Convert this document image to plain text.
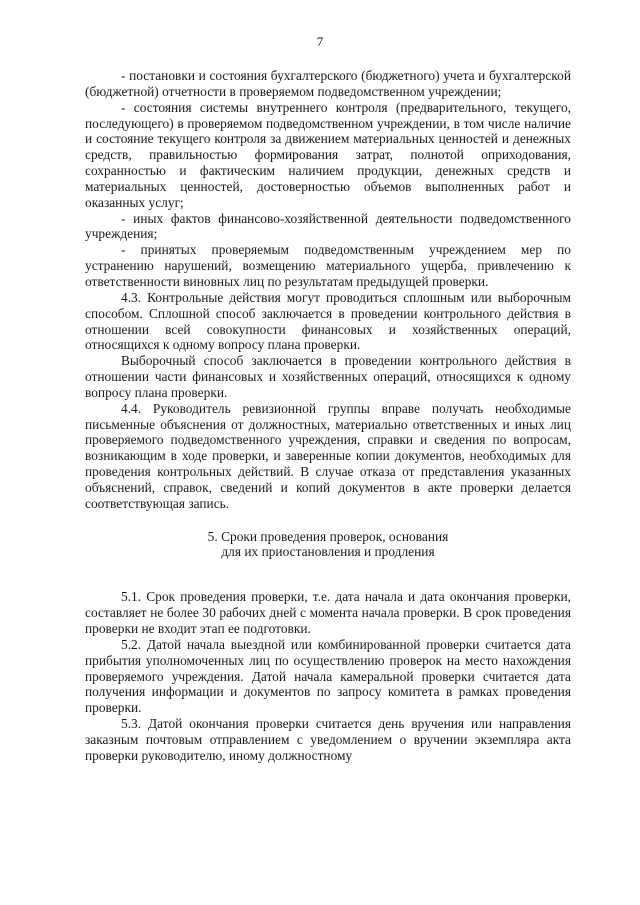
7

- постановки и состояния бухгалтерского (бюджетного) учета и бухгалтерской (бюджетной) отчетности в проверяемом подведомственном учреждении;

- состояния системы внутреннего контроля (предварительного, текущего, последующего) в проверяемом подведомственном учреждении, в том числе наличие и состояние текущего контроля за движением материальных ценностей и денежных средств, правильностью формирования затрат, полнотой оприходования, сохранностью и фактическим наличием продукции, денежных средств и материальных ценностей, достоверностью объемов выполненных работ и оказанных услуг;

- иных фактов финансово-хозяйственной деятельности подведомственного учреждения;

- принятых проверяемым подведомственным учреждением мер по устранению нарушений, возмещению материального ущерба, привлечению к ответственности виновных лиц по результатам предыдущей проверки.

4.3. Контрольные действия могут проводиться сплошным или выборочным способом. Сплошной способ заключается в проведении контрольного действия в отношении всей совокупности финансовых и хозяйственных операций, относящихся к одному вопросу плана проверки.

Выборочный способ заключается в проведении контрольного действия в отношении части финансовых и хозяйственных операций, относящихся к одному вопросу плана проверки.

4.4. Руководитель ревизионной группы вправе получать необходимые письменные объяснения от должностных, материально ответственных и иных лиц проверяемого подведомственного учреждения, справки и сведения по вопросам, возникающим в ходе проверки, и заверенные копии документов, необходимых для проведения контрольных действий. В случае отказа от представления указанных объяснений, справок, сведений и копий документов в акте проверки делается соответствующая запись.

5. Сроки проведения проверок, основания
для их приостановления и продления

5.1. Срок проведения проверки, т.е. дата начала и дата окончания проверки, составляет не более 30 рабочих дней с момента начала проверки. В срок проведения проверки не входит этап ее подготовки.

5.2. Датой начала выездной или комбинированной проверки считается дата прибытия уполномоченных лиц по осуществлению проверок на место нахождения проверяемого учреждения. Датой начала камеральной проверки считается дата получения информации и документов по запросу комитета в рамках проведения проверки.

5.3. Датой окончания проверки считается день вручения или направления заказным почтовым отправлением с уведомлением о вручении экземпляра акта проверки руководителю, иному должностному
